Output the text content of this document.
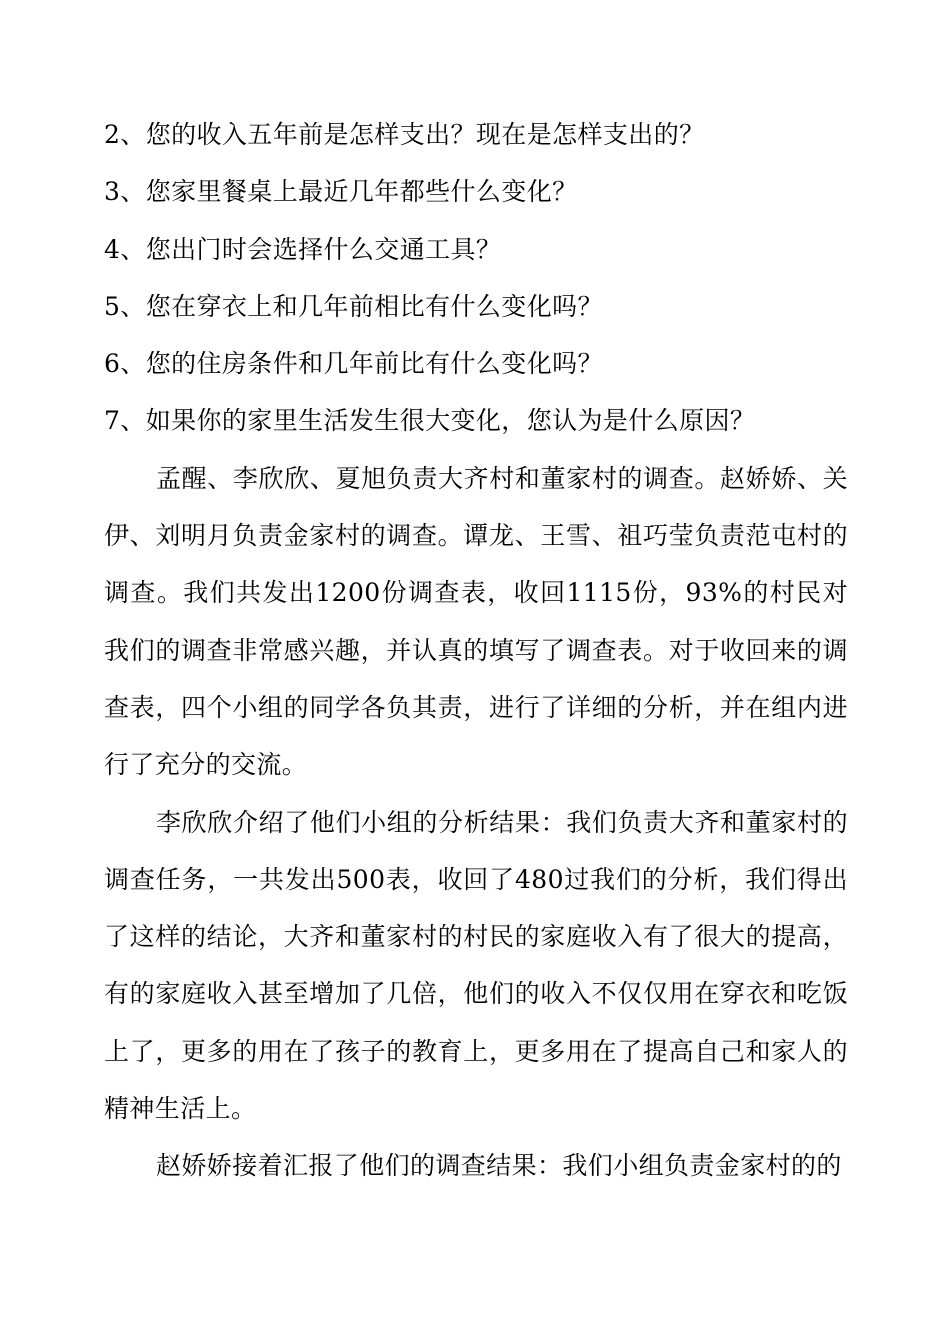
2、您的收入五年前是怎样支出？现在是怎样支出的？

3、您家里餐桌上最近几年都些什么变化？

4、您出门时会选择什么交通工具？

5、您在穿衣上和几年前相比有什么变化吗？

6、您的住房条件和几年前比有什么变化吗？

7、如果你的家里生活发生很大变化，您认为是什么原因？

孟醒、李欣欣、夏旭负责大齐村和董家村的调查。赵娇娇、关伊、刘明月负责金家村的调查。谭龙、王雪、祖巧莹负责范屯村的调查。我们共发出1200份调查表，收回1115份，93%的村民对我们的调查非常感兴趣，并认真的填写了调查表。对于收回来的调查表，四个小组的同学各负其责，进行了详细的分析，并在组内进行了充分的交流。

李欣欣介绍了他们小组的分析结果：我们负责大齐和董家村的调查任务，一共发出500表，收回了480过我们的分析，我们得出了这样的结论，大齐和董家村的村民的家庭收入有了很大的提高，有的家庭收入甚至增加了几倍，他们的收入不仅仅用在穿衣和吃饭上了，更多的用在了孩子的教育上，更多用在了提高自己和家人的精神生活上。

赵娇娇接着汇报了他们的调查结果：我们小组负责金家村的的
